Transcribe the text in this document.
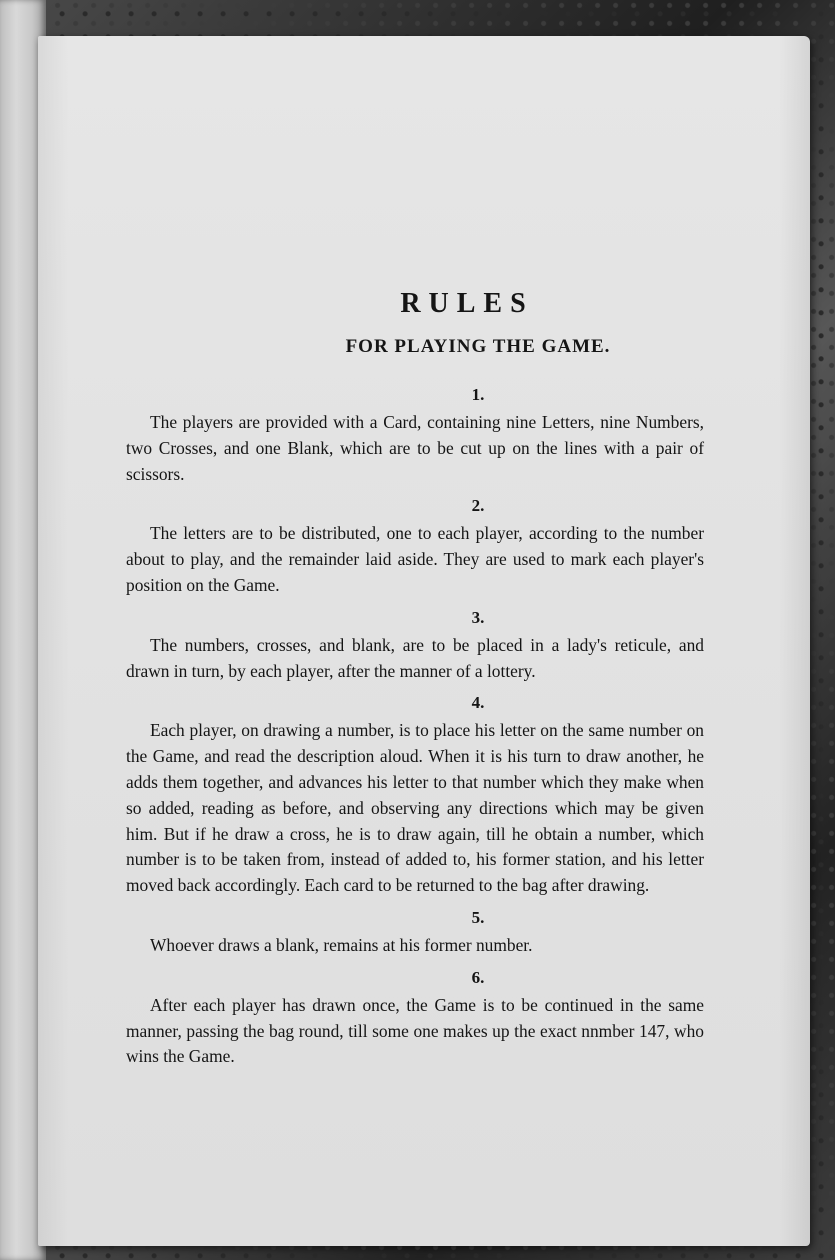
RULES
FOR PLAYING THE GAME.
1.

The players are provided with a Card, containing nine Letters, nine Numbers, two Crosses, and one Blank, which are to be cut up on the lines with a pair of scissors.

2.

The letters are to be distributed, one to each player, according to the number about to play, and the remainder laid aside. They are used to mark each player's position on the Game.

3.

The numbers, crosses, and blank, are to be placed in a lady's reticule, and drawn in turn, by each player, after the manner of a lottery.

4.

Each player, on drawing a number, is to place his letter on the same number on the Game, and read the description aloud. When it is his turn to draw another, he adds them together, and advances his letter to that number which they make when so added, reading as before, and observing any directions which may be given him. But if he draw a cross, he is to draw again, till he obtain a number, which number is to be taken from, instead of added to, his former station, and his letter moved back accordingly. Each card to be returned to the bag after drawing.

5.

Whoever draws a blank, remains at his former number.

6.

After each player has drawn once, the Game is to be continued in the same manner, passing the bag round, till some one makes up the exact nnmber 147, who wins the Game.
